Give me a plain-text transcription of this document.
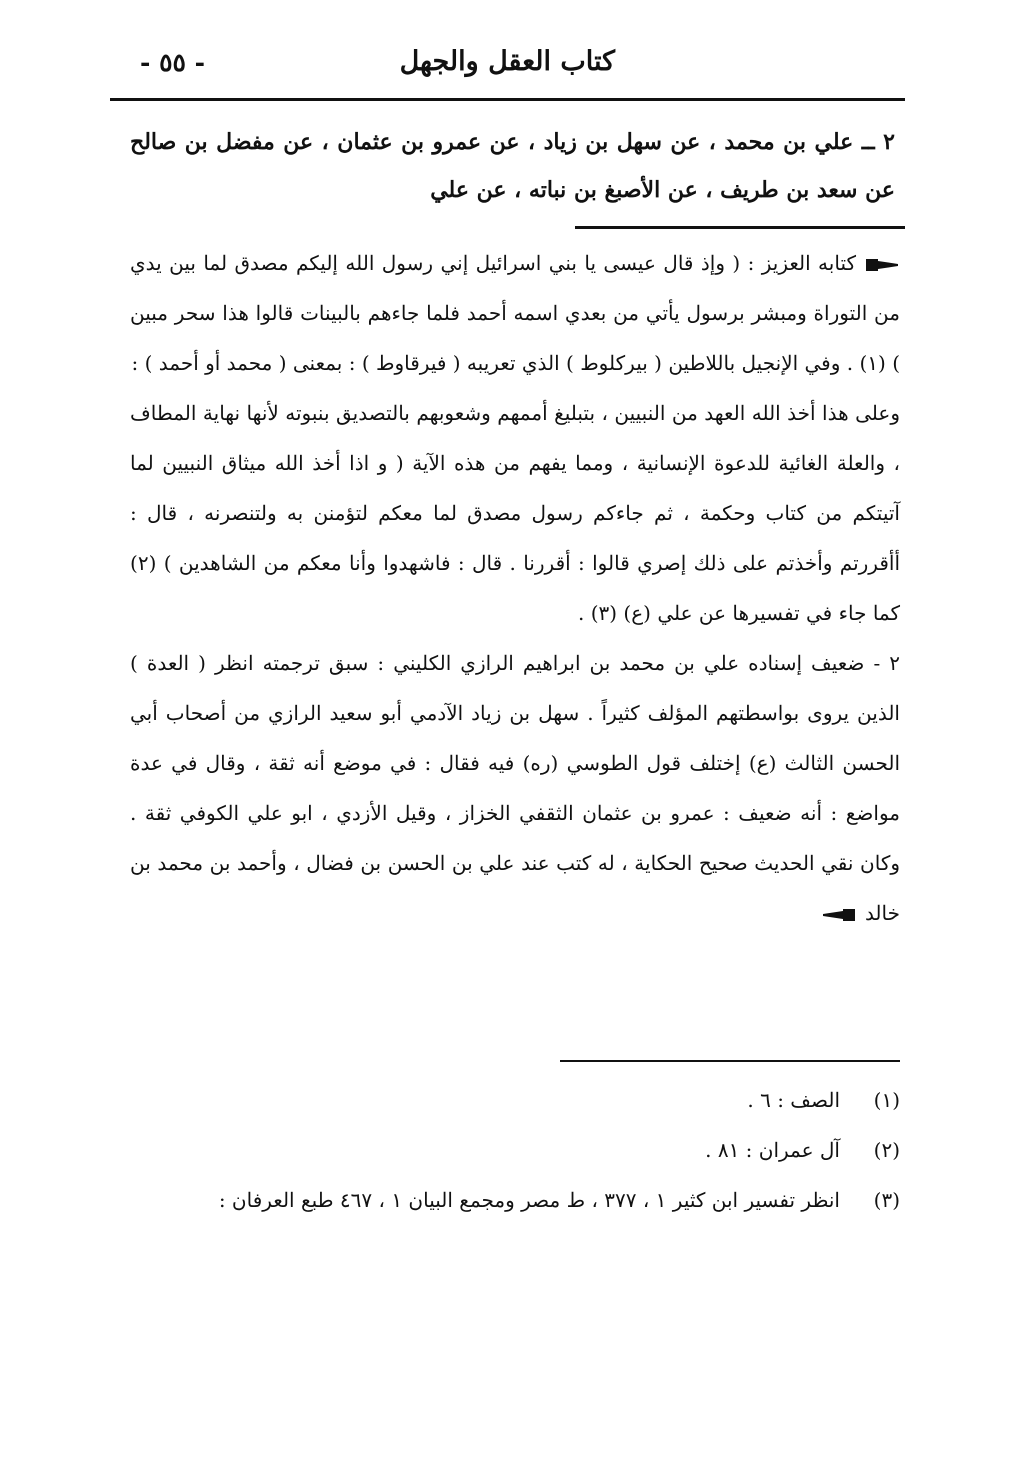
كتاب العقل والجهل
- ٥٥ -
٢ ــ علي بن محمد ، عن سهل بن زياد ، عن عمرو بن عثمان ، عن مفضل بن صالح عن سعد بن طريف ، عن الأصبغ بن نباته ، عن علي

كتابه العزيز : ( وإذ قال عيسى يا بني اسرائيل إني رسول الله إليكم مصدق لما بين يدي من التوراة ومبشر برسول يأتي من بعدي اسمه أحمد فلما جاءهم بالبينات قالوا هذا سحر مبين ) (١) . وفي الإنجيل باللاطين ( بيركلوط ) الذي تعريبه ( فيرقاوط ) : بمعنى ( محمد أو أحمد ) :

وعلى هذا أخذ الله العهد من النبيين ، بتبليغ أممهم وشعوبهم بالتصديق بنبوته لأنها نهاية المطاف ، والعلة الغائية للدعوة الإنسانية ، ومما يفهم من هذه الآية ( و اذا أخذ الله ميثاق النبيين لما آتيتكم من كتاب وحكمة ، ثم جاءكم رسول مصدق لما معكم لتؤمنن به ولتنصرنه ، قال : أأقررتم وأخذتم على ذلك إصري قالوا : أقررنا . قال : فاشهدوا وأنا معكم من الشاهدين ) (٢) كما جاء في تفسيرها عن علي (ع) (٣) .

٢ - ضعيف إسناده علي بن محمد بن ابراهيم الرازي الكليني : سبق ترجمته انظر ( العدة ) الذين يروى بواسطتهم المؤلف كثيراً . سهل بن زياد الآدمي أبو سعيد الرازي من أصحاب أبي الحسن الثالث (ع) إختلف قول الطوسي (ره) فيه فقال : في موضع أنه ثقة ، وقال في عدة مواضع : أنه ضعيف : عمرو بن عثمان الثقفي الخزاز ، وقيل الأزدي ، ابو علي الكوفي ثقة . وكان نقي الحديث صحيح الحكاية ، له كتب عند علي بن الحسن بن فضال ، وأحمد بن محمد بن خالد

(١)الصف : ٦ .

(٢)آل عمران : ٨١ .

(٣)انظر تفسير ابن كثير ١ ، ٣٧٧ ، ط مصر ومجمع البيان ١ ، ٤٦٧ طبع العرفان :
